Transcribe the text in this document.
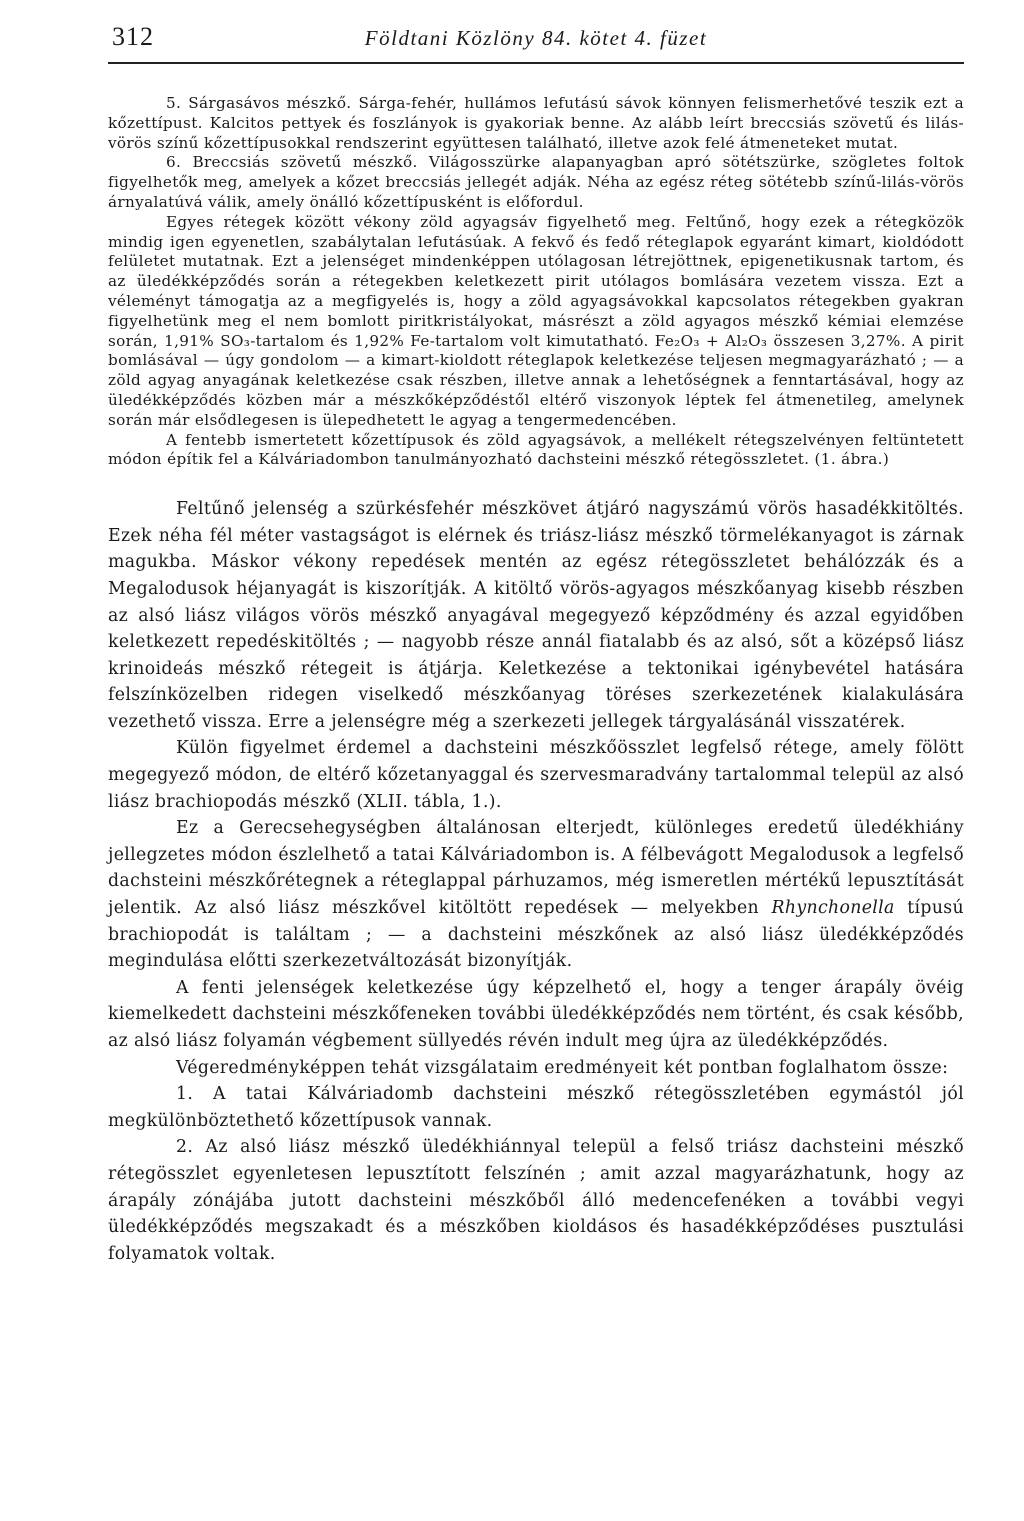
312	Földtani Közlöny 84. kötet 4. füzet

5. Sárgasávos mészkő. Sárga-fehér, hullámos lefutású sávok könnyen felismerhetővé teszik ezt a kőzettípust. Kalcitos pettyek és foszlányok is gyakoriak benne. Az alább leírt breccsiás szövetű és lilás-vörös színű kőzettípusokkal rendszerint együttesen található, illetve azok felé átmeneteket mutat.

6. Breccsiás szövetű mészkő. Világosszürke alapanyagban apró sötétszürke, szögletes foltok figyelhetők meg, amelyek a kőzet breccsiás jellegét adják. Néha az egész réteg sötétebb színű-lilás-vörös árnyalatúvá válik, amely önálló kőzettípusként is előfordul.

Egyes rétegek között vékony zöld agyagsáv figyelhető meg. Feltűnő, hogy ezek a rétegközök mindig igen egyenetlen, szabálytalan lefutásúak. A fekvő és fedő réteglapok egyaránt kimart, kioldódott felületet mutatnak. Ezt a jelenséget mindenképpen utólagosan létrejöttnek, epigenetikusnak tartom, és az üledékképződés során a rétegekben keletkezett pirit utólagos bomlására vezetem vissza. Ezt a véleményt támogatja az a megfigyelés is, hogy a zöld agyagsávokkal kapcsolatos rétegekben gyakran figyelhetünk meg el nem bomlott piritkristályokat, másrészt a zöld agyagos mészkő kémiai elemzése során, 1,91% SO₃-tartalom és 1,92% Fe-tartalom volt kimutatható. Fe₂O₃ + Al₂O₃ összesen 3,27%. A pirit bomlásával — úgy gondolom — a kimart-kioldott réteglapok keletkezése teljesen megmagyarázható ; — a zöld agyag anyagának keletkezése csak részben, illetve annak a lehetőségnek a fenntartásával, hogy az üledékképződés közben már a mészkőképződéstől eltérő viszonyok léptek fel átmenetileg, amelynek során már elsődlegesen is ülepedhetett le agyag a tengermedencében.

A fentebb ismertetett kőzettípusok és zöld agyagsávok, a mellékelt rétegszelvényen feltüntetett módon építik fel a Kálváriadombon tanulmányozható dachsteini mészkő rétegösszletet. (1. ábra.)

Feltűnő jelenség a szürkésfehér mészkövet átjáró nagyszámú vörös hasadékkitöltés. Ezek néha fél méter vastagságot is elérnek és triász-liász mészkő törmelékanyagot is zárnak magukba. Máskor vékony repedések mentén az egész rétegösszletet behálózzák és a Megalodusok héjanyagát is kiszorítják. A kitöltő vörös-agyagos mészkőanyag kisebb részben az alsó liász világos vörös mészkő anyagával megegyező képződmény és azzal egyidőben keletkezett repedéskitöltés ; — nagyobb része annál fiatalabb és az alsó, sőt a középső liász krinoideás mészkő rétegeit is átjárja. Keletkezése a tektonikai igénybevétel hatására felszínközelben ridegen viselkedő mészkőanyag töréses szerkezetének kialakulására vezethető vissza. Erre a jelenségre még a szerkezeti jellegek tárgyalásánál visszatérek.

Külön figyelmet érdemel a dachsteini mészkőösszlet legfelső rétege, amely fölött megegyező módon, de eltérő kőzetanyaggal és szervesmaradvány tartalommal települ az alsó liász brachiopodás mészkő (XLII. tábla, 1.).

Ez a Gerecsehegységben általánosan elterjedt, különleges eredetű üledékhiány jellegzetes módon észlelhető a tatai Kálváriadombon is. A félbevágott Megalodusok a legfelső dachsteini mészkőrétegnek a réteglappal párhuzamos, még ismeretlen mértékű lepusztítását jelentik. Az alsó liász mészkővel kitöltött repedések — melyekben Rhynchonella típusú brachiopodát is találtam ; — a dachsteini mészkőnek az alsó liász üledékképződés megindulása előtti szerkezetváltozását bizonyítják.

A fenti jelenségek keletkezése úgy képzelhető el, hogy a tenger árapály övéig kiemelkedett dachsteini mészkőfeneken további üledékképződés nem történt, és csak később, az alsó liász folyamán végbement süllyedés révén indult meg újra az üledékképződés.

Végeredményképpen tehát vizsgálataim eredményeit két pontban foglalhatom össze:

1. A tatai Kálváriadomb dachsteini mészkő rétegösszletében egymástól jól megkülönböztethető kőzettípusok vannak.

2. Az alsó liász mészkő üledékhiánnyal települ a felső triász dachsteini mészkő rétegösszlet egyenletesen lepusztított felszínén ; amit azzal magyarázhatunk, hogy az árapály zónájába jutott dachsteini mészkőből álló medencefenéken a további vegyi üledékképződés megszakadt és a mészkőben kioldásos és hasadékképződéses pusztulási folyamatok voltak.
